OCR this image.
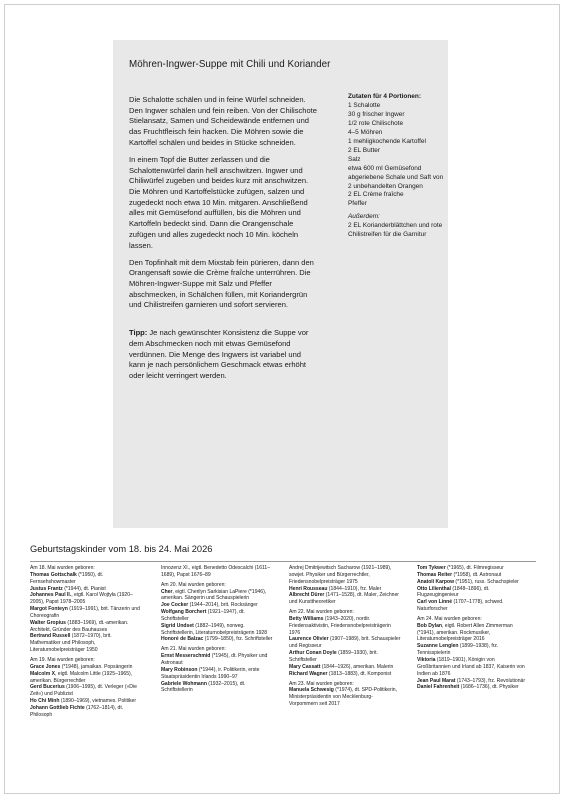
Möhren-Ingwer-Suppe mit Chili und Koriander

Die Schalotte schälen und in feine Würfel schneiden. Den Ingwer schälen und fein reiben. Von der Chilischote Stielansatz, Samen und Scheidewände entfernen und das Fruchtfleisch fein hacken. Die Möhren sowie die Kartoffel schälen und beides in Stücke schneiden.

In einem Topf die Butter zerlassen und die Schalottenwürfel darin hell anschwitzen. Ingwer und Chiliwürfel zugeben und beides kurz mit anschwitzen. Die Möhren und Kartoffelstücke zufügen, salzen und zugedeckt noch etwa 10 Min. mitgaren. Anschließend alles mit Gemüsefond auffüllen, bis die Möhren und Kartoffeln bedeckt sind. Dann die Orangenschale zufügen und alles zugedeckt noch 10 Min. köcheln lassen.

Den Topfinhalt mit dem Mixstab fein pürieren, dann den Orangensaft sowie die Crème fraîche unterrühren. Die Möhren-Ingwer-Suppe mit Salz und Pfeffer abschmecken, in Schälchen füllen, mit Koriandergrün und Chilistreifen garnieren und sofort servieren.

Tipp: Je nach gewünschter Konsistenz die Suppe vor dem Abschmecken noch mit etwas Gemüsefond verdünnen. Die Menge des Ingwers ist variabel und kann je nach persönlichem Geschmack etwas erhöht oder leicht verringert werden.

Zutaten für 4 Portionen:
1 Schalotte
30 g frischer Ingwer
1/2 rote Chilischote
4–5 Möhren
1 mehligkochende Kartoffel
2 EL Butter
Salz
etwa 600 ml Gemüsefond
abgeriebene Schale und Saft von 2 unbehandelten Orangen
2 EL Crème fraîche
Pfeffer
Außerdem:
2 EL Korianderblättchen und rote Chilistreifen für die Garnitur
Geburtstagskinder vom 18. bis 24. Mai 2026
Am 18. Mai wurden geboren:
Thomas Gottschalk (*1950), dt. Fernsehshowmaster
Justus Frantz (*1944), dt. Pianist
Johannes Paul II., eigtl. Karol Wojtyła (1920–2005), Papst 1978–2005
Margot Fonteyn (1919–1991), brit. Tänzerin und Choreografin
Walter Gropius (1883–1969), dt.-amerikan. Architekt, Gründer des Bauhauses
Bertrand Russell (1872–1970), brit. Mathematiker und Philosoph, Literaturnobelpreisträger 1950
Am 19. Mai wurden geboren:
Grace Jones (*1948), jamaikan. Popsängerin
Malcolm X, eigtl. Malcolm Little (1925–1965), amerikan. Bürgerrechtler
Gerd Bucerius (1906–1995), dt. Verleger (»Die Zeit«) und Publizist
Ho Chi Minh (1890–1969), vietnames. Politiker
Johann Gottlieb Fichte (1762–1814), dt. Philosoph
Innozenz XI., eigtl. Benedetto Odescalchi (1611–1689), Papst 1676–89
Am 20. Mai wurden geboren:
Cher, eigtl. Cherilyn Sarkisian LaPiere (*1946), amerikan. Sängerin und Schauspielerin
Joe Cocker (1944–2014), brit. Rocksänger
Wolfgang Borchert (1921–1947), dt. Schriftsteller
Sigrid Undset (1882–1949), norweg. Schriftstellerin, Literaturnobelpreisträgerin 1928
Honoré de Balzac (1799–1850), frz. Schriftsteller
Am 21. Mai wurden geboren:
Ernst Messerschmid (*1945), dt. Physiker und Astronaut
Mary Robinson (*1944), ir. Politikerin, erste Staatspräsidentin Irlands 1990–97
Gabriele Wohmann (1932–2015), dt. Schriftstellerin
Andrej Dmitrijewitsch Sacharow (1921–1989), sowjet. Physiker und Bürgerrechtler, Friedensnobelpreisträger 1975
Henri Rousseau (1844–1910), frz. Maler
Albrecht Dürer (1471–1528), dt. Maler, Zeichner und Kunsttheoretiker
Am 22. Mai wurden geboren:
Betty Williams (1943–2020), nordir. Friedensaktivistin, Friedensnobelpreisträgerin 1976
Laurence Olivier (1907–1989), brit. Schauspieler und Regisseur
Arthur Conan Doyle (1859–1930), brit. Schriftsteller
Mary Cassatt (1844–1926), amerikan. Malerin
Richard Wagner (1813–1883), dt. Komponist
Am 23. Mai wurden geboren:
Manuela Schwesig (*1974), dt. SPD-Politikerin, Ministerpräsidentin von Mecklenburg-Vorpommern seit 2017
Tom Tykwer (*1965), dt. Filmregisseur
Thomas Reiter (*1958), dt. Astronaut
Anatoli Karpow (*1951), russ. Schachspieler
Otto Lilienthal (1848–1896), dt. Flugzeugingenieur
Carl von Linné (1707–1778), schwed. Naturforscher
Am 24. Mai wurden geboren:
Bob Dylan, eigtl. Robert Allen Zimmerman (*1941), amerikan. Rockmusiker, Literaturnobelpreisträger 2016
Suzanne Lenglen (1899–1938), frz. Tennisspielerin
Viktoria (1819–1901), Königin von Großbritannien und Irland ab 1837, Kaiserin von Indien ab 1876
Jean Paul Marat (1743–1793), frz. Revolutionär
Daniel Fahrenheit (1686–1736), dt. Physiker
